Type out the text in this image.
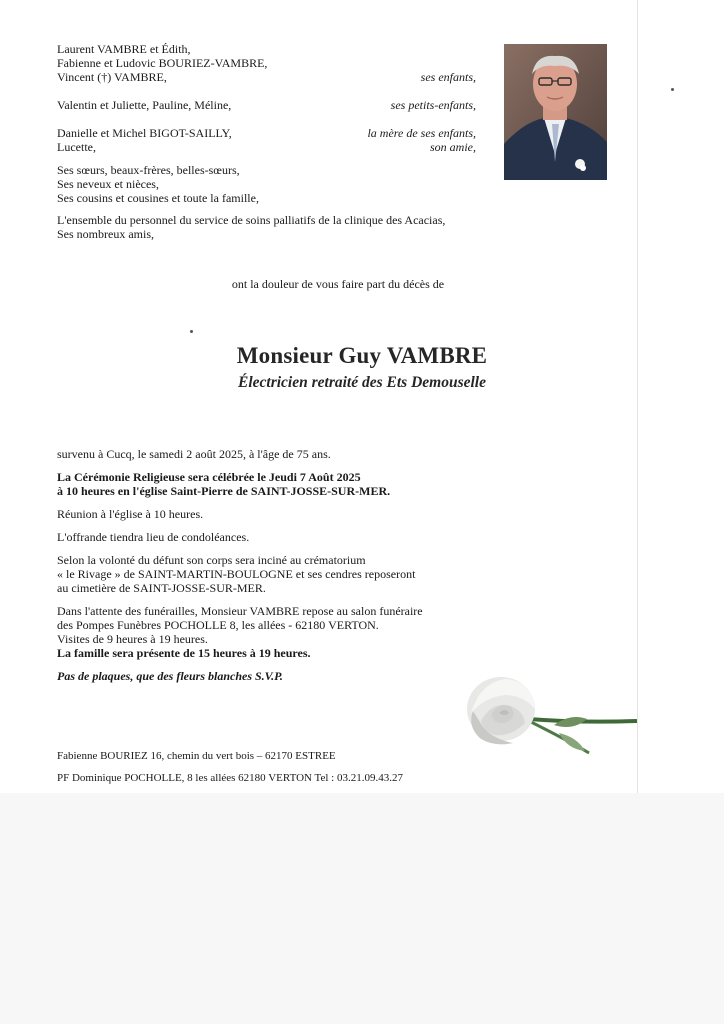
Laurent VAMBRE et Édith,
Fabienne et Ludovic BOURIEZ-VAMBRE,
Vincent (†) VAMBRE,	ses enfants,
Valentin et Juliette, Pauline, Méline,	ses petits-enfants,
Danielle et Michel BIGOT-SAILLY,	la mère de ses enfants,
Lucette,	son amie,
Ses sœurs, beaux-frères, belles-sœurs,
Ses neveux et nièces,
Ses cousins et cousines et toute la famille,
L'ensemble du personnel du service de soins palliatifs de la clinique des Acacias,
Ses nombreux amis,
ont la douleur de vous faire part du décès de
Monsieur Guy VAMBRE
Électricien retraité des Ets Demouselle
survenu à Cucq, le samedi 2 août 2025, à l'âge de 75 ans.
La Cérémonie Religieuse sera célébrée le Jeudi 7 Août 2025
à 10 heures en l'église Saint-Pierre de SAINT-JOSSE-SUR-MER.
Réunion à l'église à 10 heures.
L'offrande tiendra lieu de condoléances.
Selon la volonté du défunt son corps sera inciné au crématorium
« le Rivage » de SAINT-MARTIN-BOULOGNE et ses cendres reposeront
au cimetière de SAINT-JOSSE-SUR-MER.
Dans l'attente des funérailles, Monsieur VAMBRE repose au salon funéraire
des Pompes Funèbres POCHOLLE 8, les allées - 62180 VERTON.
Visites de 9 heures à 19 heures.
La famille sera présente de 15 heures à 19 heures.
Pas de plaques, que des fleurs blanches S.V.P.
Fabienne BOURIEZ 16, chemin du vert bois – 62170 ESTREE
PF Dominique POCHOLLE, 8 les allées 62180 VERTON Tel : 03.21.09.43.27
